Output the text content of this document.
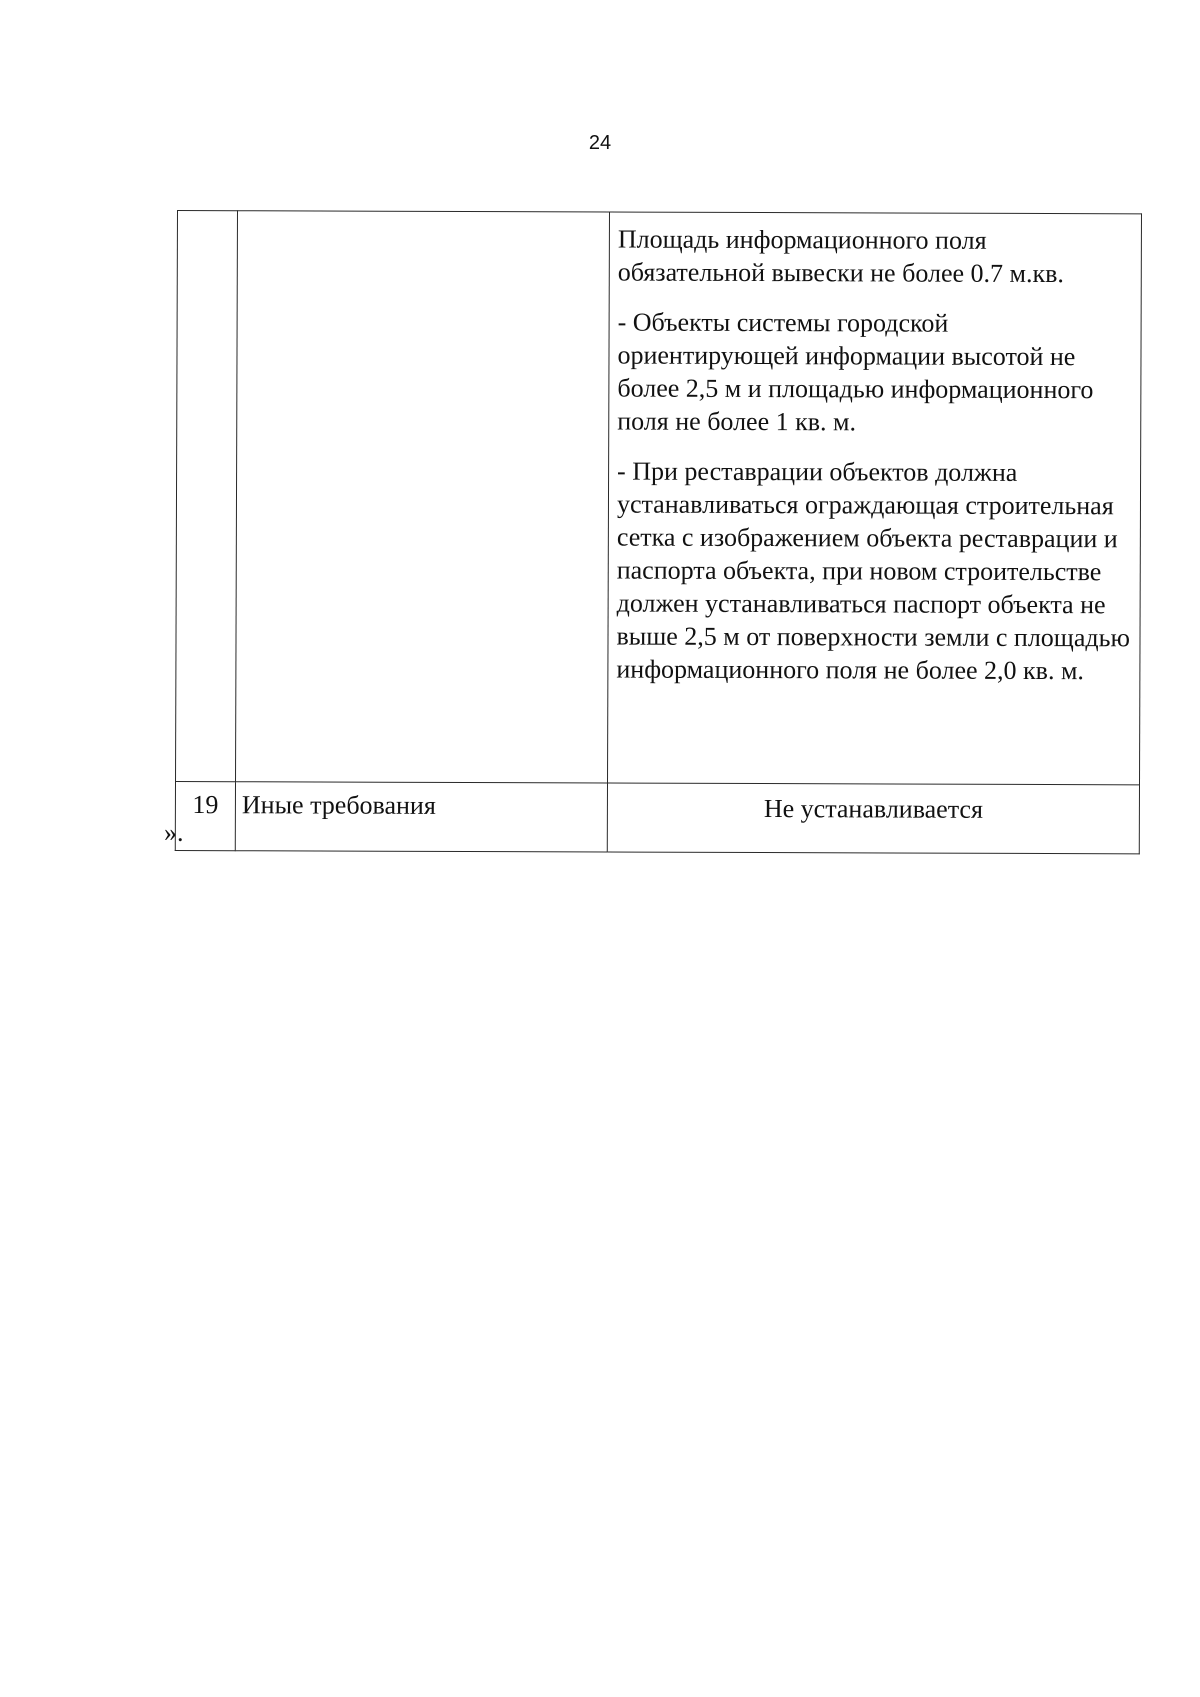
24

		Площадь информационного поля обязательной вывески не более 0.7 м.кв.

- Объекты системы городской ориентирующей информации высотой не более 2,5 м и площадью информационного поля не более 1 кв. м.

- При реставрации объектов должна устанавливаться ограждающая строительная сетка с изображением объекта реставрации и паспорта объекта, при новом строительстве должен устанавливаться паспорт объекта не выше 2,5 м от поверхности земли с площадью информационного поля не более 2,0 кв. м.

19	Иные требования	Не устанавливается
».
